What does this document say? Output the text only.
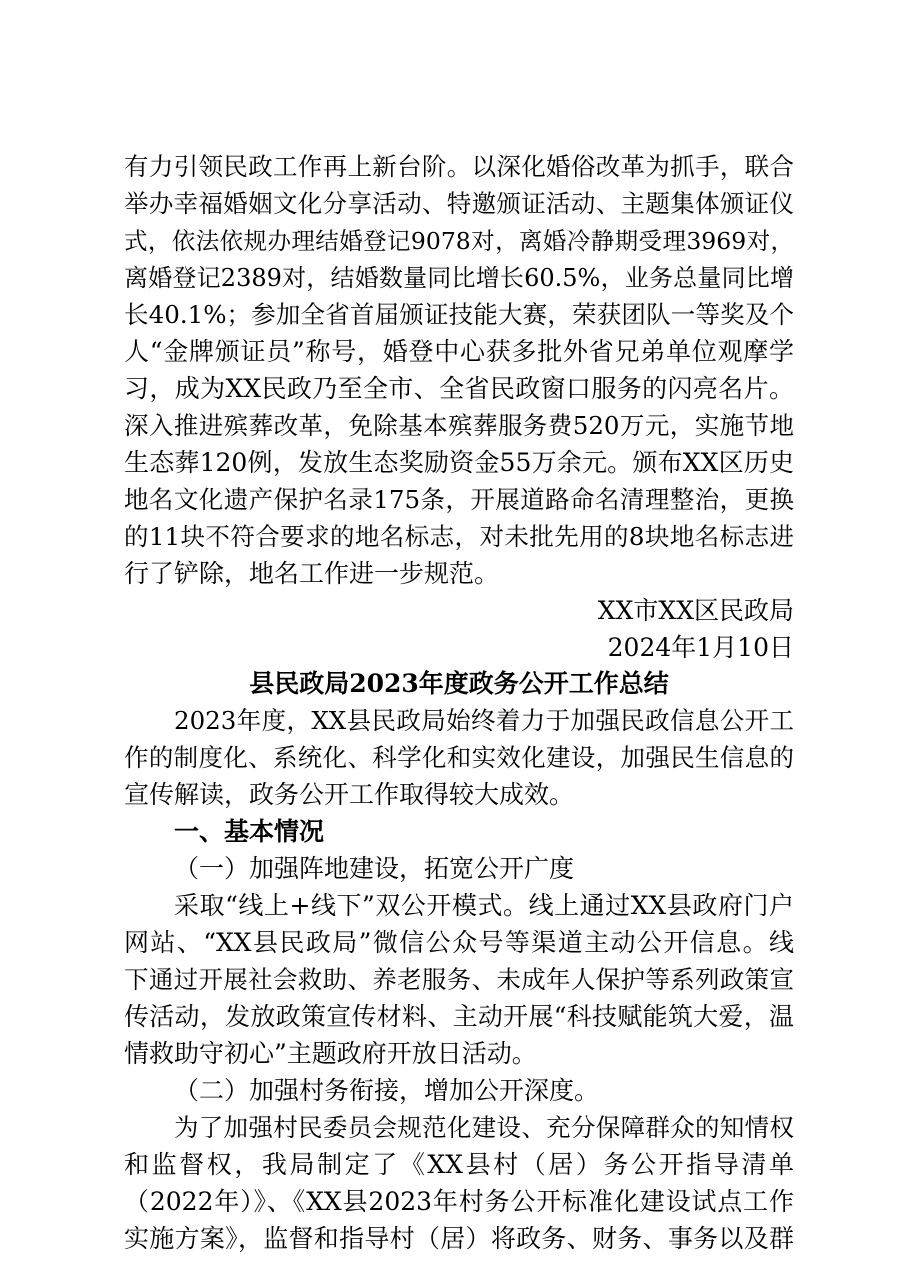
有力引领民政工作再上新台阶。以深化婚俗改革为抓手，联合
举办幸福婚姻文化分享活动、特邀颁证活动、主题集体颁证仪
式，依法依规办理结婚登记9078对，离婚冷静期受理3969对，
离婚登记2389对，结婚数量同比增长60.5%，业务总量同比增
长40.1%；参加全省首届颁证技能大赛，荣获团队一等奖及个
人“金牌颁证员”称号，婚登中心获多批外省兄弟单位观摩学
习，成为XX民政乃至全市、全省民政窗口服务的闪亮名片。
深入推进殡葬改革，免除基本殡葬服务费520万元，实施节地
生态葬120例，发放生态奖励资金55万余元。颁布XX区历史
地名文化遗产保护名录175条，开展道路命名清理整治，更换
的11块不符合要求的地名标志，对未批先用的8块地名标志进
行了铲除，地名工作进一步规范。
XX市XX区民政局
2024年1月10日
县民政局2023年度政务公开工作总结
2023年度，XX县民政局始终着力于加强民政信息公开工
作的制度化、系统化、科学化和实效化建设，加强民生信息的
宣传解读，政务公开工作取得较大成效。
一、基本情况
（一）加强阵地建设，拓宽公开广度
采取“线上+线下”双公开模式。线上通过XX县政府门户
网站、“XX县民政局”微信公众号等渠道主动公开信息。线
下通过开展社会救助、养老服务、未成年人保护等系列政策宣
传活动，发放政策宣传材料、主动开展“科技赋能筑大爱，温
情救助守初心”主题政府开放日活动。
（二）加强村务衔接，增加公开深度。
为了加强村民委员会规范化建设、充分保障群众的知情权
和监督权，我局制定了《XX县村（居）务公开指导清单
（2022年）》、《XX县2023年村务公开标准化建设试点工作
实施方案》，监督和指导村（居）将政务、财务、事务以及群
